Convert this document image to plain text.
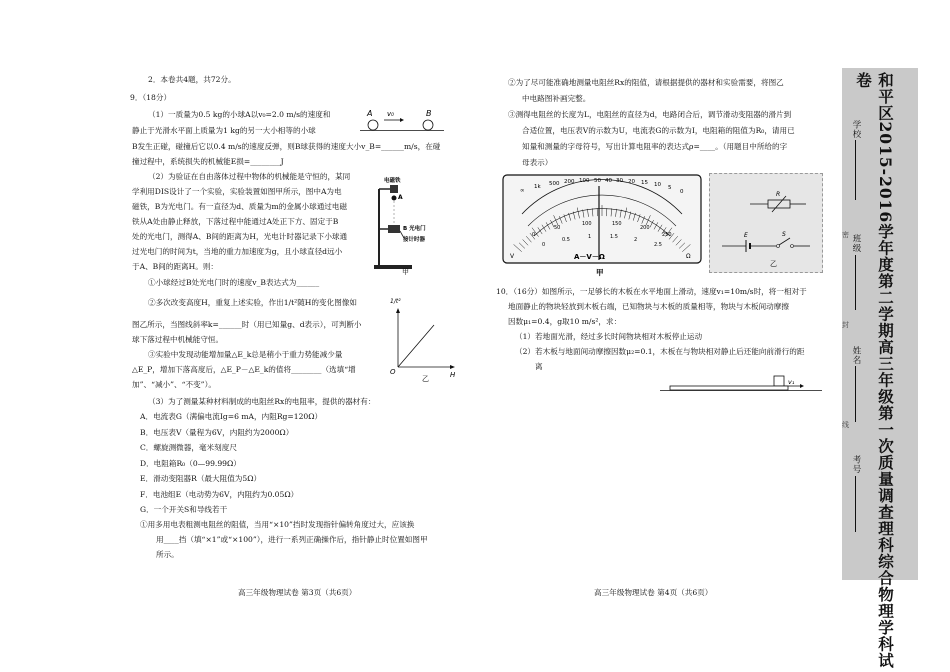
2．本卷共4题，共72分。
9．（18分）
（1）一质量为0.5 kg的小球A以v₀=2.0 m/s的速度和
静止于光滑水平面上质量为1 kg的另一大小相等的小球
B发生正碰，碰撞后它以0.4 m/s的速度反弹，则B球获得的速度大小v_B=______m/s，在碰
撞过程中，系统损失的机械能E损=________J
（2）为验证在自由落体过程中物体的机械能是守恒的，某同
学利用DIS设计了一个实验，实验装置如图甲所示，图中A为电
磁铁，B为光电门。有一直径为d、质量为m的金属小球通过电磁
铁从A处由静止释放，下落过程中能通过A处正下方、固定于B
处的光电门，测得A、B间的距离为H，光电计时器记录下小球通
过光电门的时间为t，当地的重力加速度为g，且小球直径d远小
于A、B间的距离H。则：
①小球经过B处光电门时的速度v_B表达式为______
②多次改变高度H，重复上述实验，作出1/t²随H的变化图像如
图乙所示，当图线斜率k=______时（用已知量g、d表示），可判断小
球下落过程中机械能守恒。
③实验中发现动能增加量△E_k总是稍小于重力势能减少量
△E_P，增加下落高度后，△E_P－△E_k的值将________（选填“增
加”、“减小”、“不变”）。
（3）为了测量某种材料制成的电阻丝Rx的电阻率，提供的器材有：
A．电流表G（满偏电流Ig=6 mA，内阻Rg=120Ω）
B．电压表V（量程为6V，内阻约为2000Ω）
C．螺旋测微器，毫米刻度尺
D．电阻箱R₀（0—99.99Ω）
E．滑动变阻器R（最大阻值为5Ω）
F．电池组E（电动势为6V，内阻约为0.05Ω）
G．一个开关S和导线若干
①用多用电表粗测电阻丝的阻值，当用“×10”挡时发现指针偏转角度过大，应该换
用____挡（填“×1”或“×100”），进行一系列正确操作后，指针静止时位置如图甲
所示。
高三年级物理试卷 第3页（共6页）
A v₀	B
电磁铁
A
B 光电门
接计时器
甲
1/t²
O	H
乙
②为了尽可能准确地测量电阻丝Rx的阻值，请根据提供的器材和实验需要，将图乙
中电路图补画完整。
③测得电阻丝的长度为L，电阻丝的直径为d，电路闭合后，调节滑动变阻器的滑片到
合适位置，电压表V的示数为U，电流表G的示数为I，电阻箱的阻值为R₀，请用已
知量和测量的字母符号，写出计算电阻率的表达式ρ=____。（用题目中所给的字
母表示）
10．（16分）如图所示，一足够长的木板在水平地面上滑动，速度v₁=10m/s时，将一相对于
地面静止的物块轻放到木板右端，已知物块与木板的质量相等，物块与木板间动摩擦
因数μ₁=0.4，g取10 m/s²，求：
（1）若地面光滑，经过多长时间物块相对木板停止运动
（2）若木板与地面间动摩擦因数μ₂=0.1，木板在与物块相对静止后还能向前滑行的距
离
高三年级物理试卷 第4页（共6页）
∞
1k 500 200 100 50 40 30 20 15 10 5
0
0
50
100	150
200
250
0
0.5	1	1.5	2
2.5
A－V－Ω
V	Ω
甲
R
E	S
乙
v₁	和平区2015-2016学年度第二学期高三年级第一次质量调查理科综合物理学科试卷
学校
班级
姓名
考号
密
封
线
